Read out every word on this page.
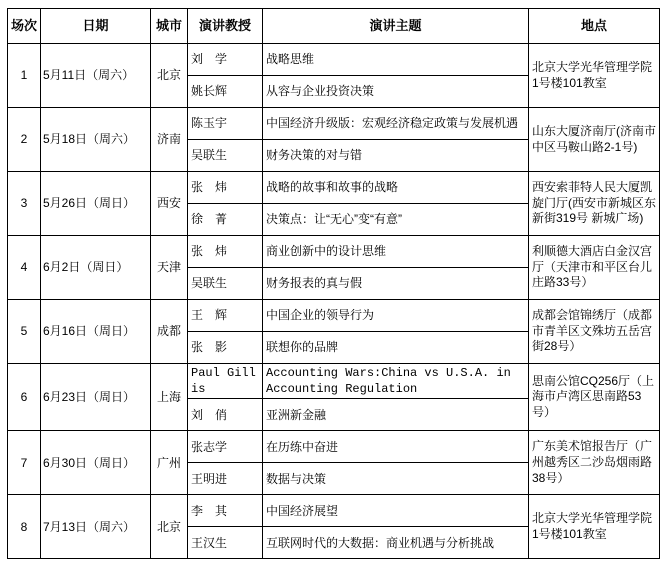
场次	日期	城市	演讲教授	演讲主题	地点
1	5月11日（周六）	北京	刘　学	战略思维	北京大学光华管理学院1号楼101教室
			姚长辉	从容与企业投资决策	
2	5月18日（周六）	济南	陈玉宇	中国经济升级版：宏观经济稳定政策与发展机遇	山东大厦济南厅(济南市中区马鞍山路2-1号)
			吴联生	财务决策的对与错	
3	5月26日（周日）	西安	张　炜	战略的故事和故事的战略	西安索菲特人民大厦凯旋门厅(西安市新城区东新街319号 新城广场)
			徐　菁	决策点：让“无心”变“有意”	
4	6月2日（周日）	天津	张　炜	商业创新中的设计思维	利顺德大酒店白金汉宫厅（天津市和平区台儿庄路33号）
			吴联生	财务报表的真与假	
5	6月16日（周日）	成都	王　辉	中国企业的领导行为	成都会馆锦绣厅（成都市青羊区文殊坊五岳宫街28号）
			张　影	联想你的品牌	
6	6月23日（周日）	上海	Paul Gillis	Accounting Wars:China vs U.S.A. in Accounting Regulation	思南公馆CQ256厅（上海市卢湾区思南路53号）
			刘　俏	亚洲新金融	
7	6月30日（周日）	广州	张志学	在历练中奋进	广东美术馆报告厅（广州越秀区二沙岛烟雨路38号）
			王明进	数据与决策	
8	7月13日（周六）	北京	李　其	中国经济展望	北京大学光华管理学院1号楼101教室
			王汉生	互联网时代的大数据：商业机遇与分析挑战	
